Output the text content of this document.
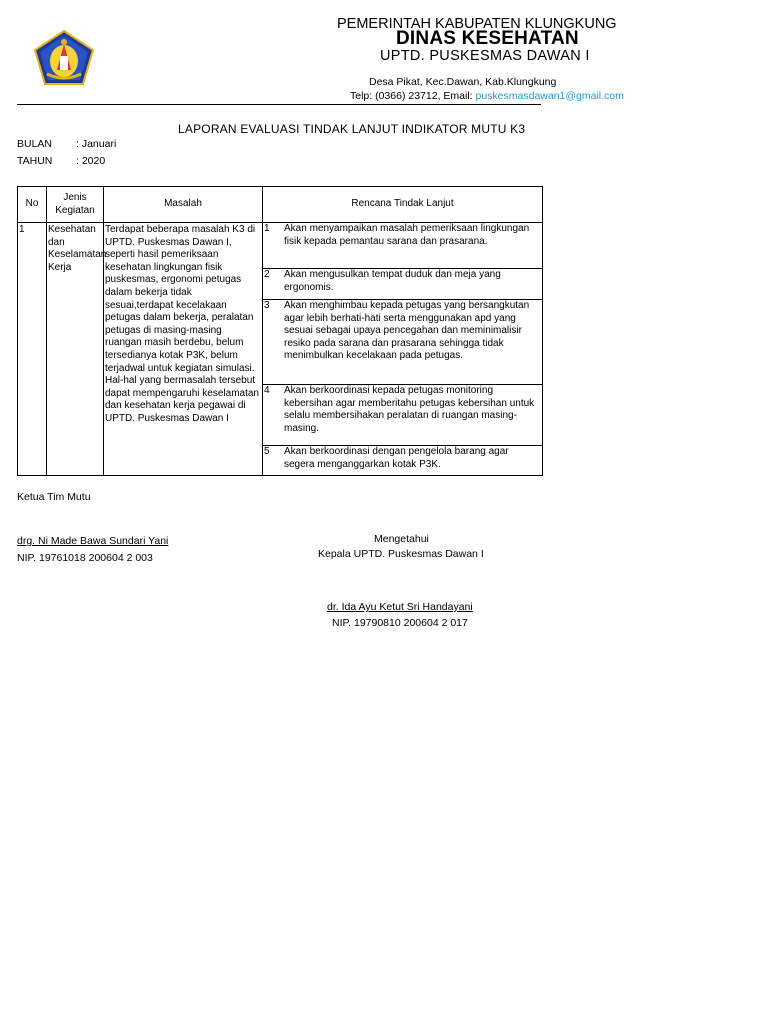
PEMERINTAH KABUPATEN KLUNGKUNG
DINAS KESEHATAN
UPTD. PUSKESMAS DAWAN I
Desa Pikat, Kec.Dawan, Kab.Klungkung
Telp: (0366) 23712, Email: puskesmasdawan1@gmail.com
LAPORAN EVALUASI TINDAK LANJUT INDIKATOR MUTU K3
BULAN : Januari
TAHUN : 2020
No	Jenis Kegiatan	Masalah	Rencana Tindak Lanjut

1	Kesehatan dan Keselamatan Kerja	Terdapat beberapa masalah K3 di UPTD. Puskesmas Dawan I, seperti hasil pemeriksaan kesehatan lingkungan fisik puskesmas, ergonomi petugas dalam bekerja tidak sesuai,terdapat kecelakaan petugas dalam bekerja, peralatan petugas di masing-masing ruangan masih berdebu, belum tersedianya kotak P3K, belum terjadwal untuk kegiatan simulasi. Hal-hal yang bermasalah tersebut dapat mempengaruhi keselamatan dan kesehatan kerja pegawai di UPTD. Puskesmas Dawan I	1 Akan menyampaikan masalah pemeriksaan lingkungan fisik kepada pemantau sarana dan prasarana.

			2 Akan mengusulkan tempat duduk dan meja yang ergonomis.

			3 Akan menghimbau kepada petugas yang bersangkutan agar lebih berhati-hati serta menggunakan apd yang sesuai sebagai upaya pencegahan dan meminimalisir resiko pada sarana dan prasarana sehingga tidak menimbulkan kecelakaan pada petugas.

			4 Akan berkoordinasi kepada petugas monitoring kebersihan agar memberitahu petugas kebersihan untuk selalu membersihakan peralatan di ruangan masing-masing.

			5 Akan berkoordinasi dengan pengelola barang agar segera menganggarkan kotak P3K.
Ketua Tim Mutu
drg. Ni Made Bawa Sundari Yani
NIP. 19761018 200604 2 003
Mengetahui
Kepala UPTD. Puskesmas Dawan I
dr. Ida Ayu Ketut Sri Handayani
NIP. 19790810 200604 2 017
